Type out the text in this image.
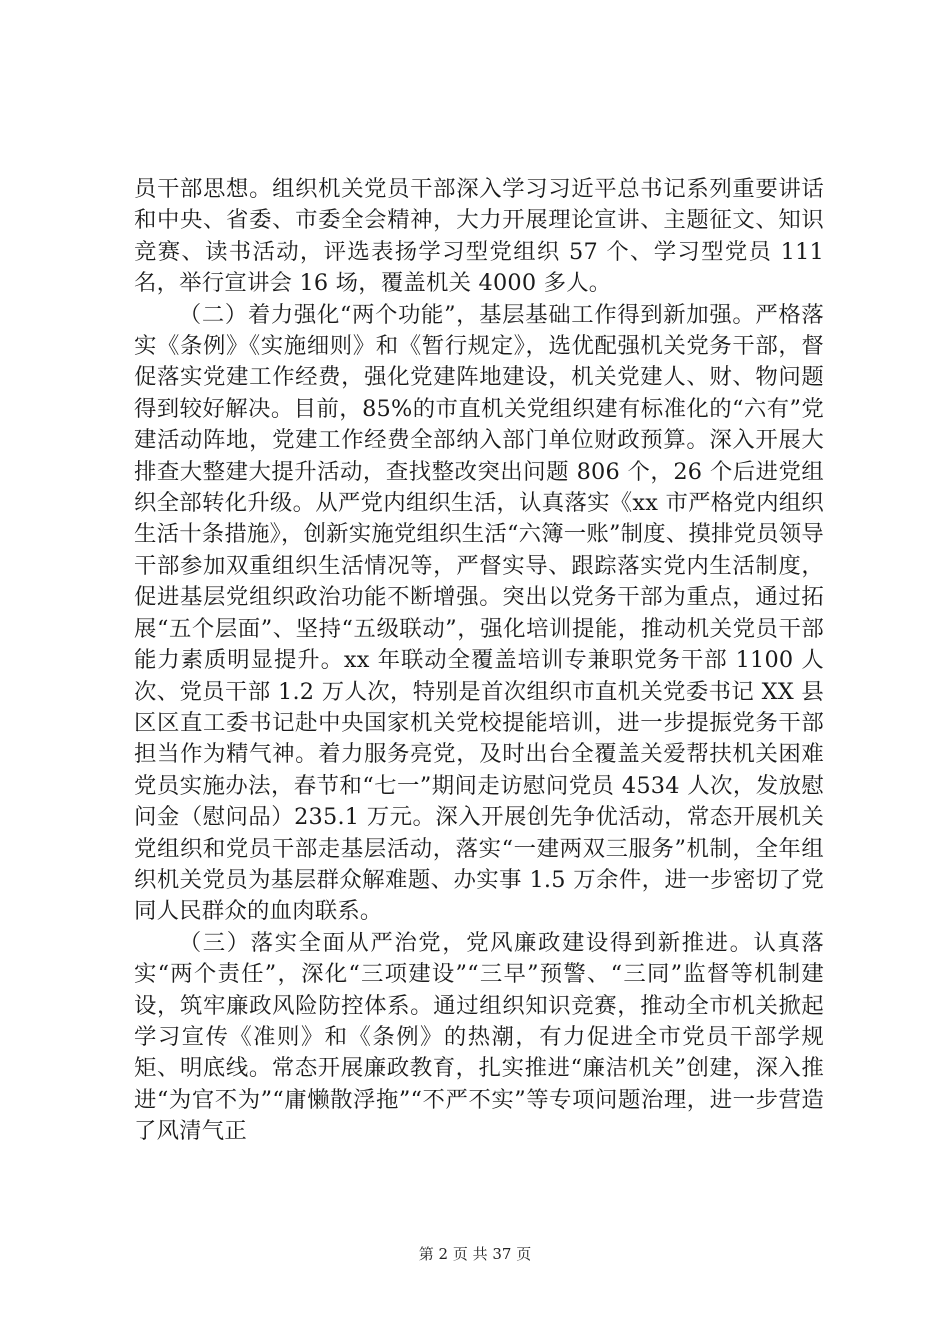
员干部思想。组织机关党员干部深入学习习近平总书记系列重要讲话和中央、省委、市委全会精神，大力开展理论宣讲、主题征文、知识竞赛、读书活动，评选表扬学习型党组织 57 个、学习型党员 111 名，举行宣讲会 16 场，覆盖机关 4000 多人。

（二）着力强化“两个功能”，基层基础工作得到新加强。严格落实《条例》《实施细则》和《暂行规定》，选优配强机关党务干部，督促落实党建工作经费，强化党建阵地建设，机关党建人、财、物问题得到较好解决。目前，85%的市直机关党组织建有标准化的“六有”党建活动阵地，党建工作经费全部纳入部门单位财政预算。深入开展大排查大整建大提升活动，查找整改突出问题 806 个，26 个后进党组织全部转化升级。从严党内组织生活，认真落实《xx 市严格党内组织生活十条措施》，创新实施党组织生活“六簿一账”制度、摸排党员领导干部参加双重组织生活情况等，严督实导、跟踪落实党内生活制度，促进基层党组织政治功能不断增强。突出以党务干部为重点，通过拓展“五个层面”、坚持“五级联动”，强化培训提能，推动机关党员干部能力素质明显提升。xx 年联动全覆盖培训专兼职党务干部 1100 人次、党员干部 1.2 万人次，特别是首次组织市直机关党委书记 XX 县区区直工委书记赴中央国家机关党校提能培训，进一步提振党务干部担当作为精气神。着力服务亮党，及时出台全覆盖关爱帮扶机关困难党员实施办法，春节和“七一”期间走访慰问党员 4534 人次，发放慰问金（慰问品）235.1 万元。深入开展创先争优活动，常态开展机关党组织和党员干部走基层活动，落实“一建两双三服务”机制，全年组织机关党员为基层群众解难题、办实事 1.5 万余件，进一步密切了党同人民群众的血肉联系。

（三）落实全面从严治党，党风廉政建设得到新推进。认真落实“两个责任”，深化“三项建设”“三早”预警、“三同”监督等机制建设，筑牢廉政风险防控体系。通过组织知识竞赛，推动全市机关掀起学习宣传《准则》和《条例》的热潮，有力促进全市党员干部学规矩、明底线。常态开展廉政教育，扎实推进“廉洁机关”创建，深入推进“为官不为”“庸懒散浮拖”“不严不实”等专项问题治理，进一步营造了风清气正

第 2 页 共 37 页
